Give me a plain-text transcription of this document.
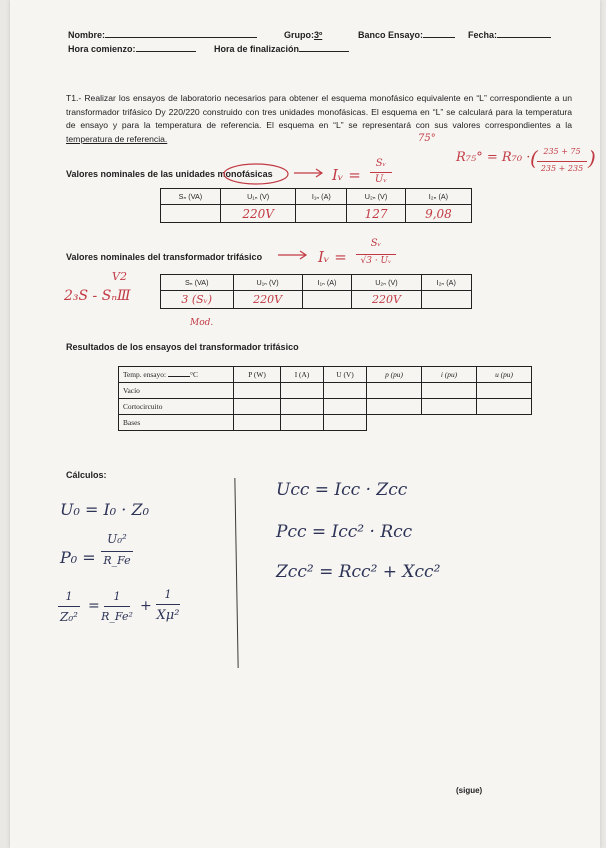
Nombre:	Grupo:3º	Banco Ensayo:	Fecha:
Hora comienzo:	Hora de finalización
T1.- Realizar los ensayos de laboratorio necesarios para obtener el esquema monofásico equivalente en “L” correspondiente a un transformador trifásico Dy 220/220 construido con tres unidades monofásicas. El esquema en “L” se calculará para la temperatura de ensayo y para la temperatura de referencia. El esquema en “L” se representará con sus valores correspondientes a la temperatura de referencia.	75°
R₇₅° = R₇₀ · ( 235 + 75
235 + 235 )
Valores nominales de las unidades monofásicas	Iᵥ =
Sᵥ
Uᵥ
Sₙ (VA)	U₁ₙ (V)	I₁ₙ (A)	U₂ₙ (V)	I₂ₙ (A)
	220V		127	9,08
Valores nominales del transformador trifásico	Iᵥ =
Sᵥ
√3 · Uᵥ
V2
2₃S - SₙⅢ
Sₙ (VA)	U₁ₙ (V)	I₁ₙ (A)	U₂ₙ (V)	I₂ₙ (A)
3 (Sᵥ)	220V		220V	
Mod.
Resultados de los ensayos del transformador trifásico
Temp. ensayo: °C	P (W)	I (A)	U (V)	p (pu)	i (pu)	u (pu)
Vacío						
Cortocircuito						
Bases						
Cálculos:
U₀ = I₀ · Z₀
P₀ =
U₀²
R_Fe
1
Z₀²
=
1
R_Fe²
+
1
Xμ²
Ucc = Icc · Zcc
Pcc = Icc² · Rcc
Zcc² = Rcc² + Xcc²
(sigue)
